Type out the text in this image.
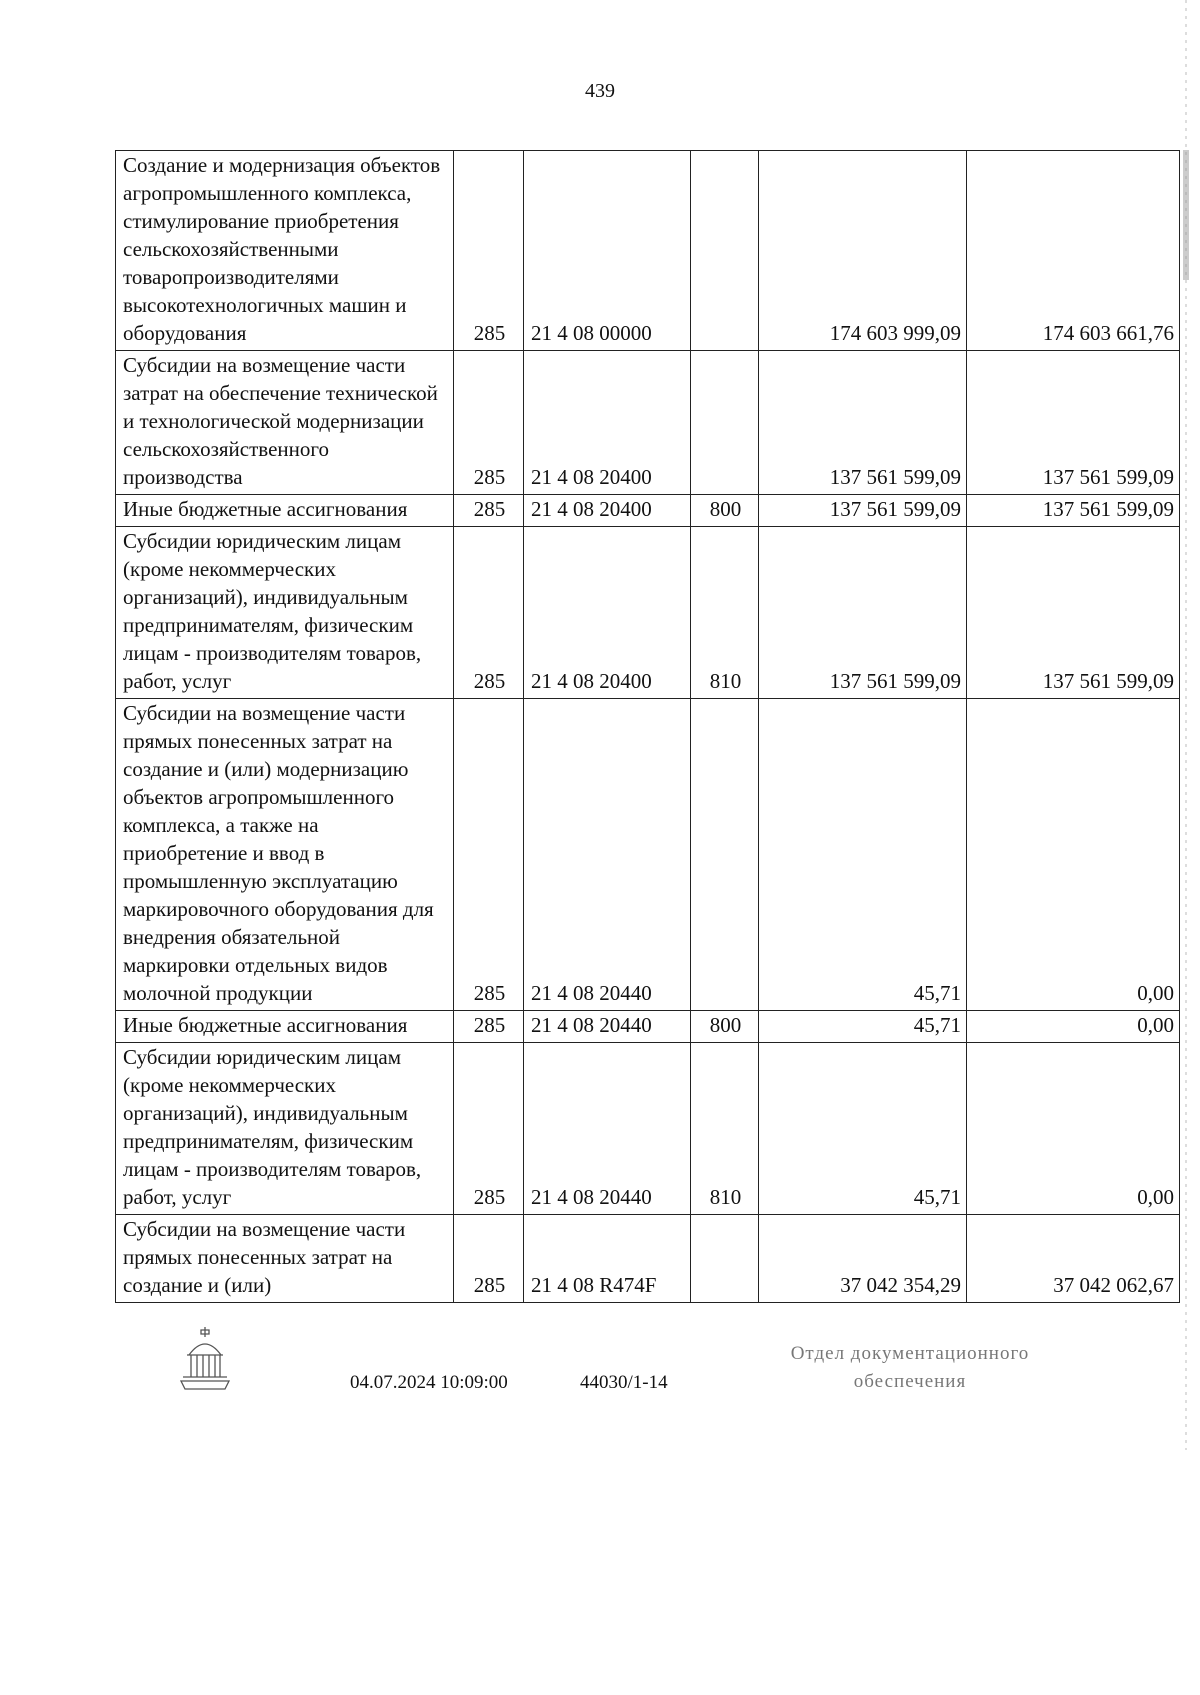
439
Создание и модернизация объектов агропромышленного комплекса, стимулирование приобретения сельскохозяйственными товаропроизводителями высокотехнологичных машин и оборудования	285	21 4 08 00000		174 603 999,09	174 603 661,76
Субсидии на возмещение части затрат на обеспечение технической и технологической модернизации сельскохозяйственного производства	285	21 4 08 20400		137 561 599,09	137 561 599,09
Иные бюджетные ассигнования	285	21 4 08 20400	800	137 561 599,09	137 561 599,09
Субсидии юридическим лицам (кроме некоммерческих организаций), индивидуальным предпринимателям, физическим лицам - производителям товаров, работ, услуг	285	21 4 08 20400	810	137 561 599,09	137 561 599,09
Субсидии на возмещение части прямых понесенных затрат на создание и (или) модернизацию объектов агропромышленного комплекса, а также на приобретение и ввод в промышленную эксплуатацию маркировочного оборудования для внедрения обязательной маркировки отдельных видов молочной продукции	285	21 4 08 20440		45,71	0,00
Иные бюджетные ассигнования	285	21 4 08 20440	800	45,71	0,00
Субсидии юридическим лицам (кроме некоммерческих организаций), индивидуальным предпринимателям, физическим лицам - производителям товаров, работ, услуг	285	21 4 08 20440	810	45,71	0,00
Субсидии на возмещение части прямых понесенных затрат на создание и (или)	285	21 4 08 R474F		37 042 354,29	37 042 062,67
04.07.2024 10:09:00	44030/1-14
Отдел документационного
обеспечения
